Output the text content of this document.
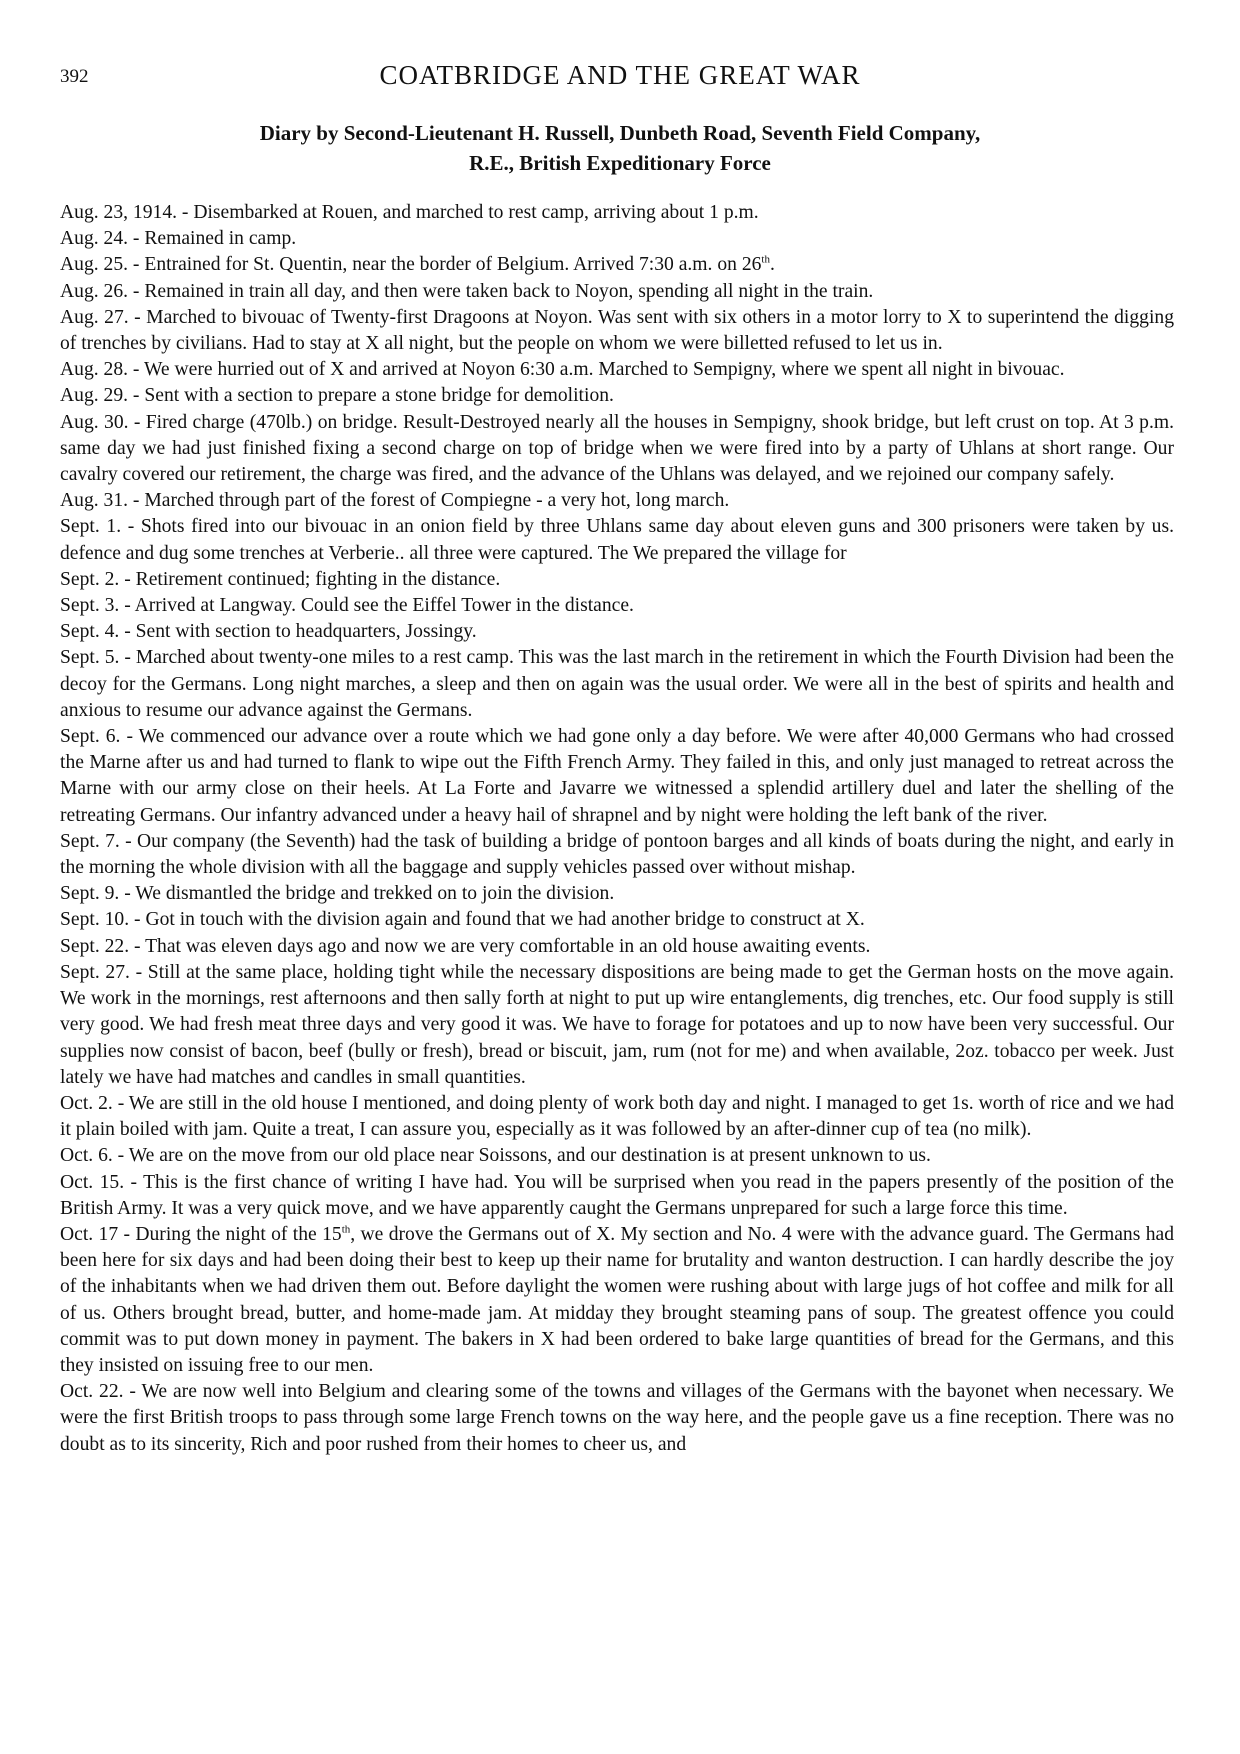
392	COATBRIDGE AND THE GREAT WAR
Diary by Second-Lieutenant H. Russell, Dunbeth Road, Seventh Field Company,
R.E., British Expeditionary Force

Aug. 23, 1914. - Disembarked at Rouen, and marched to rest camp, arriving about 1 p.m.

Aug. 24. - Remained in camp.

Aug. 25. - Entrained for St. Quentin, near the border of Belgium. Arrived 7:30 a.m. on 26th.

Aug. 26. - Remained in train all day, and then were taken back to Noyon, spending all night in the train.

Aug. 27. - Marched to bivouac of Twenty-first Dragoons at Noyon. Was sent with six others in a motor lorry to X to superintend the digging of trenches by civilians. Had to stay at X all night, but the people on whom we were billetted refused to let us in.

Aug. 28. - We were hurried out of X and arrived at Noyon 6:30 a.m. Marched to Sempigny, where we spent all night in bivouac.

Aug. 29. - Sent with a section to prepare a stone bridge for demolition.

Aug. 30. - Fired charge (470lb.) on bridge. Result-Destroyed nearly all the houses in Sempigny, shook bridge, but left crust on top. At 3 p.m. same day we had just finished fixing a second charge on top of bridge when we were fired into by a party of Uhlans at short range. Our cavalry covered our retirement, the charge was fired, and the advance of the Uhlans was delayed, and we rejoined our company safely.

Aug. 31. - Marched through part of the forest of Compiegne - a very hot, long march.

Sept. 1. - Shots fired into our bivouac in an onion field by three Uhlans same day about eleven guns and 300 prisoners were taken by us. defence and dug some trenches at Verberie.. all three were captured. The We prepared the village for

Sept. 2. - Retirement continued; fighting in the distance.

Sept. 3. - Arrived at Langway. Could see the Eiffel Tower in the distance.

Sept. 4. - Sent with section to headquarters, Jossingy.

Sept. 5. - Marched about twenty-one miles to a rest camp. This was the last march in the retirement in which the Fourth Division had been the decoy for the Germans. Long night marches, a sleep and then on again was the usual order. We were all in the best of spirits and health and anxious to resume our advance against the Germans.

Sept. 6. - We commenced our advance over a route which we had gone only a day before. We were after 40,000 Germans who had crossed the Marne after us and had turned to flank to wipe out the Fifth French Army. They failed in this, and only just managed to retreat across the Marne with our army close on their heels. At La Forte and Javarre we witnessed a splendid artillery duel and later the shelling of the retreating Germans. Our infantry advanced under a heavy hail of shrapnel and by night were holding the left bank of the river.

Sept. 7. - Our company (the Seventh) had the task of building a bridge of pontoon barges and all kinds of boats during the night, and early in the morning the whole division with all the baggage and supply vehicles passed over without mishap.

Sept. 9. - We dismantled the bridge and trekked on to join the division.

Sept. 10. - Got in touch with the division again and found that we had another bridge to construct at X.

Sept. 22. - That was eleven days ago and now we are very comfortable in an old house awaiting events.

Sept. 27. - Still at the same place, holding tight while the necessary dispositions are being made to get the German hosts on the move again. We work in the mornings, rest afternoons and then sally forth at night to put up wire entanglements, dig trenches, etc. Our food supply is still very good. We had fresh meat three days and very good it was. We have to forage for potatoes and up to now have been very successful. Our supplies now consist of bacon, beef (bully or fresh), bread or biscuit, jam, rum (not for me) and when available, 2oz. tobacco per week. Just lately we have had matches and candles in small quantities.

Oct. 2. - We are still in the old house I mentioned, and doing plenty of work both day and night. I managed to get 1s. worth of rice and we had it plain boiled with jam. Quite a treat, I can assure you, especially as it was followed by an after-dinner cup of tea (no milk).

Oct. 6. - We are on the move from our old place near Soissons, and our destination is at present unknown to us.

Oct. 15. - This is the first chance of writing I have had. You will be surprised when you read in the papers presently of the position of the British Army. It was a very quick move, and we have apparently caught the Germans unprepared for such a large force this time.

Oct. 17 - During the night of the 15th, we drove the Germans out of X. My section and No. 4 were with the advance guard. The Germans had been here for six days and had been doing their best to keep up their name for brutality and wanton destruction. I can hardly describe the joy of the inhabitants when we had driven them out. Before daylight the women were rushing about with large jugs of hot coffee and milk for all of us. Others brought bread, butter, and home-made jam. At midday they brought steaming pans of soup. The greatest offence you could commit was to put down money in payment. The bakers in X had been ordered to bake large quantities of bread for the Germans, and this they insisted on issuing free to our men.

Oct. 22. - We are now well into Belgium and clearing some of the towns and villages of the Germans with the bayonet when necessary. We were the first British troops to pass through some large French towns on the way here, and the people gave us a fine reception. There was no doubt as to its sincerity, Rich and poor rushed from their homes to cheer us, and
